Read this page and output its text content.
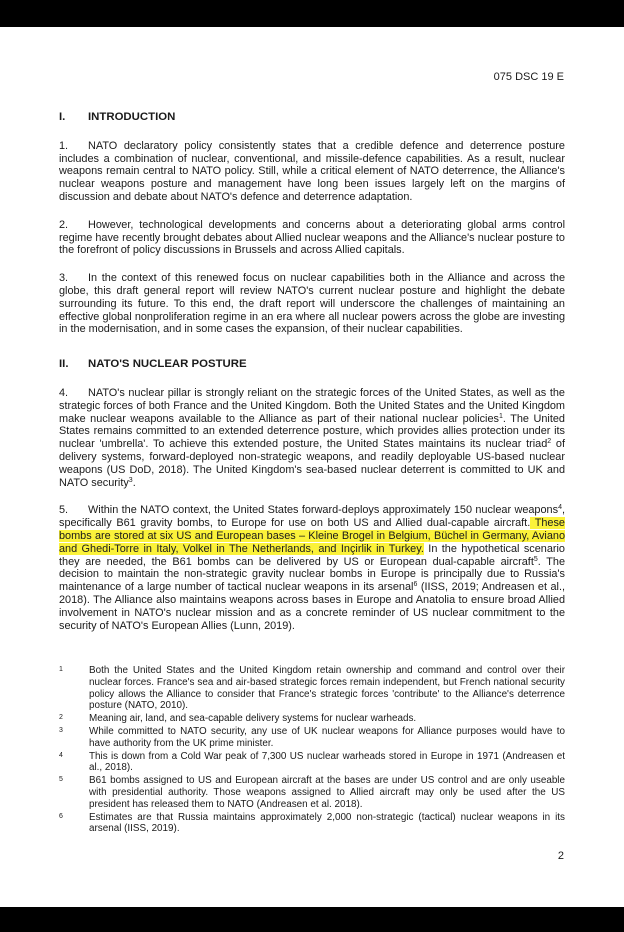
075 DSC 19 E
I.	INTRODUCTION

1. NATO declaratory policy consistently states that a credible defence and deterrence posture includes a combination of nuclear, conventional, and missile-defence capabilities. As a result, nuclear weapons remain central to NATO policy. Still, while a critical element of NATO deterrence, the Alliance's nuclear weapons posture and management have long been issues largely left on the margins of discussion and debate about NATO's defence and deterrence adaptation.

2. However, technological developments and concerns about a deteriorating global arms control regime have recently brought debates about Allied nuclear weapons and the Alliance's nuclear posture to the forefront of policy discussions in Brussels and across Allied capitals.

3. In the context of this renewed focus on nuclear capabilities both in the Alliance and across the globe, this draft general report will review NATO's current nuclear posture and highlight the debate surrounding its future. To this end, the draft report will underscore the challenges of maintaining an effective global nonproliferation regime in an era where all nuclear powers across the globe are investing in the modernisation, and in some cases the expansion, of their nuclear capabilities.

II.	NATO'S NUCLEAR POSTURE

4. NATO's nuclear pillar is strongly reliant on the strategic forces of the United States, as well as the strategic forces of both France and the United Kingdom. Both the United States and the United Kingdom make nuclear weapons available to the Alliance as part of their national nuclear policies$^1$. The United States remains committed to an extended deterrence posture, which provides allies protection under its nuclear 'umbrella'. To achieve this extended posture, the United States maintains its nuclear triad$^2$ of delivery systems, forward-deployed non-strategic weapons, and readily deployable US-based nuclear weapons (US DoD, 2018). The United Kingdom's sea-based nuclear deterrent is committed to UK and NATO security$^3$.

5. Within the NATO context, the United States forward-deploys approximately 150 nuclear weapons$^4$, specifically B61 gravity bombs, to Europe for use on both US and Allied dual-capable aircraft. These bombs are stored at six US and European bases – Kleine Brogel in Belgium, Büchel in Germany, Aviano and Ghedi-Torre in Italy, Volkel in The Netherlands, and Inçirlik in Turkey. In the hypothetical scenario they are needed, the B61 bombs can be delivered by US or European dual-capable aircraft$^5$. The decision to maintain the non-strategic gravity nuclear bombs in Europe is principally due to Russia's maintenance of a large number of tactical nuclear weapons in its arsenal$^6$ (IISS, 2019; Andreasen et al., 2018). The Alliance also maintains weapons across bases in Europe and Anatolia to ensure broad Allied involvement in NATO's nuclear mission and as a concrete reminder of US nuclear commitment to the security of NATO's European Allies (Lunn, 2019).

1	Both the United States and the United Kingdom retain ownership and command and control over their nuclear forces. France's sea and air-based strategic forces remain independent, but French national security policy allows the Alliance to consider that France's strategic forces 'contribute' to the Alliance's deterrence posture (NATO, 2010).
2	Meaning air, land, and sea-capable delivery systems for nuclear warheads.
3	While committed to NATO security, any use of UK nuclear weapons for Alliance purposes would have to have authority from the UK prime minister.
4	This is down from a Cold War peak of 7,300 US nuclear warheads stored in Europe in 1971 (Andreasen et al., 2018).
5	B61 bombs assigned to US and European aircraft at the bases are under US control and are only useable with presidential authority. Those weapons assigned to Allied aircraft may only be used after the US president has released them to NATO (Andreasen et al. 2018).
6	Estimates are that Russia maintains approximately 2,000 non-strategic (tactical) nuclear weapons in its arsenal (IISS, 2019).
2
